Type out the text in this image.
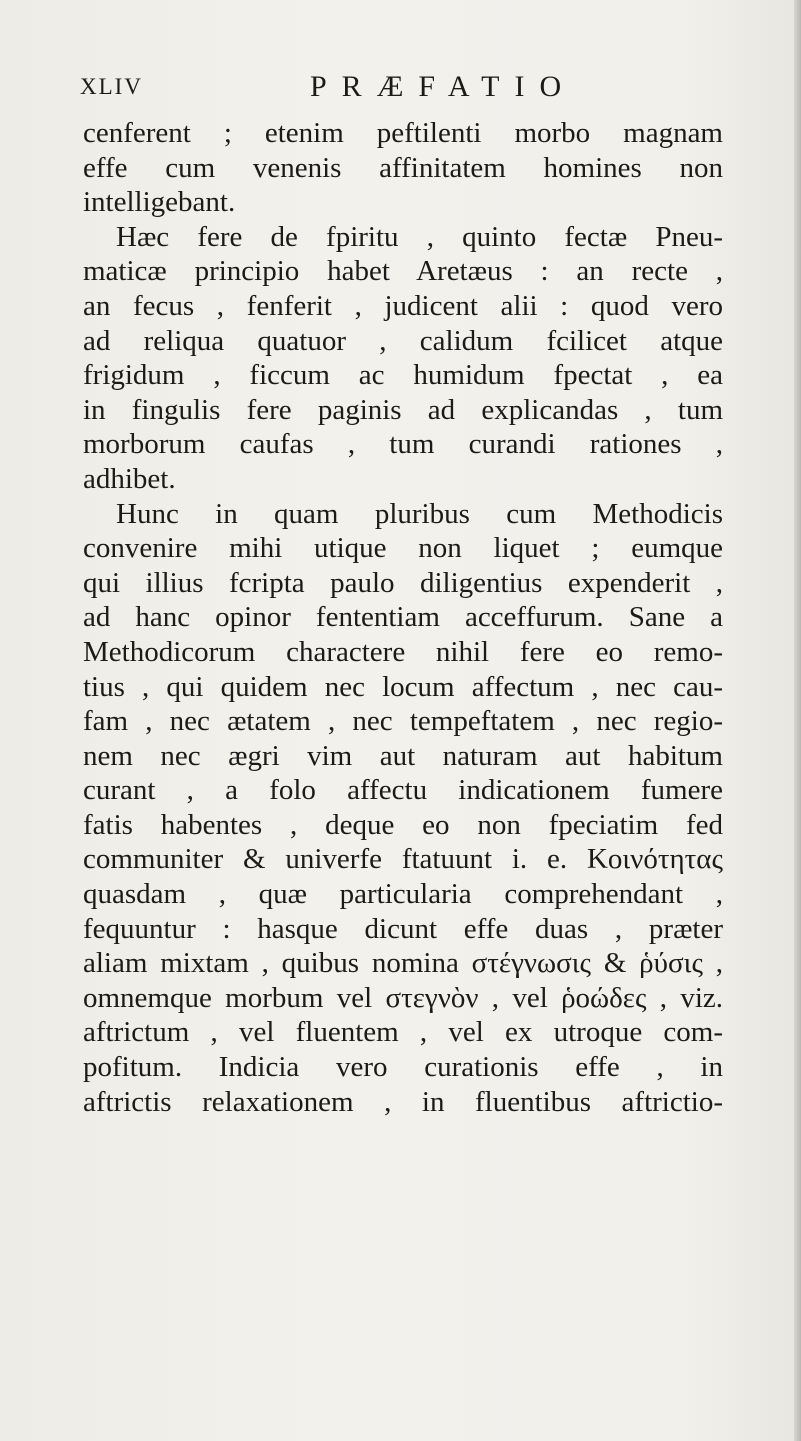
XLIV	PRÆFATIO
cenferent ; etenim peftilenti morbo magnam
effe cum venenis affinitatem homines non
intelligebant.
Hæc fere de fpiritu , quinto fectæ Pneu-
maticæ principio habet Aretæus : an recte ,
an fecus , fenferit , judicent alii : quod vero
ad reliqua quatuor , calidum fcilicet atque
frigidum , ficcum ac humidum fpectat , ea
in fingulis fere paginis ad explicandas , tum
morborum caufas , tum curandi rationes ,
adhibet.
Hunc in quam pluribus cum Methodicis
convenire mihi utique non liquet ; eumque
qui illius fcripta paulo diligentius expenderit ,
ad hanc opinor fententiam acceffurum. Sane a
Methodicorum charactere nihil fere eo remo-
tius , qui quidem nec locum affectum , nec cau-
fam , nec ætatem , nec tempeftatem , nec regio-
nem nec ægri vim aut naturam aut habitum
curant , a folo affectu indicationem fumere
fatis habentes , deque eo non fpeciatim fed
communiter & univerfe ftatuunt i. e. Κοινότητας
quasdam , quæ particularia comprehendant ,
fequuntur : hasque dicunt effe duas , præter
aliam mixtam , quibus nomina στέγνωσις & ῥύσις ,
omnemque morbum vel στεγνὸν , vel ῥοώδες , viz.
aftrictum , vel fluentem , vel ex utroque com-
pofitum. Indicia vero curationis effe , in
aftrictis relaxationem , in fluentibus aftrictio-
